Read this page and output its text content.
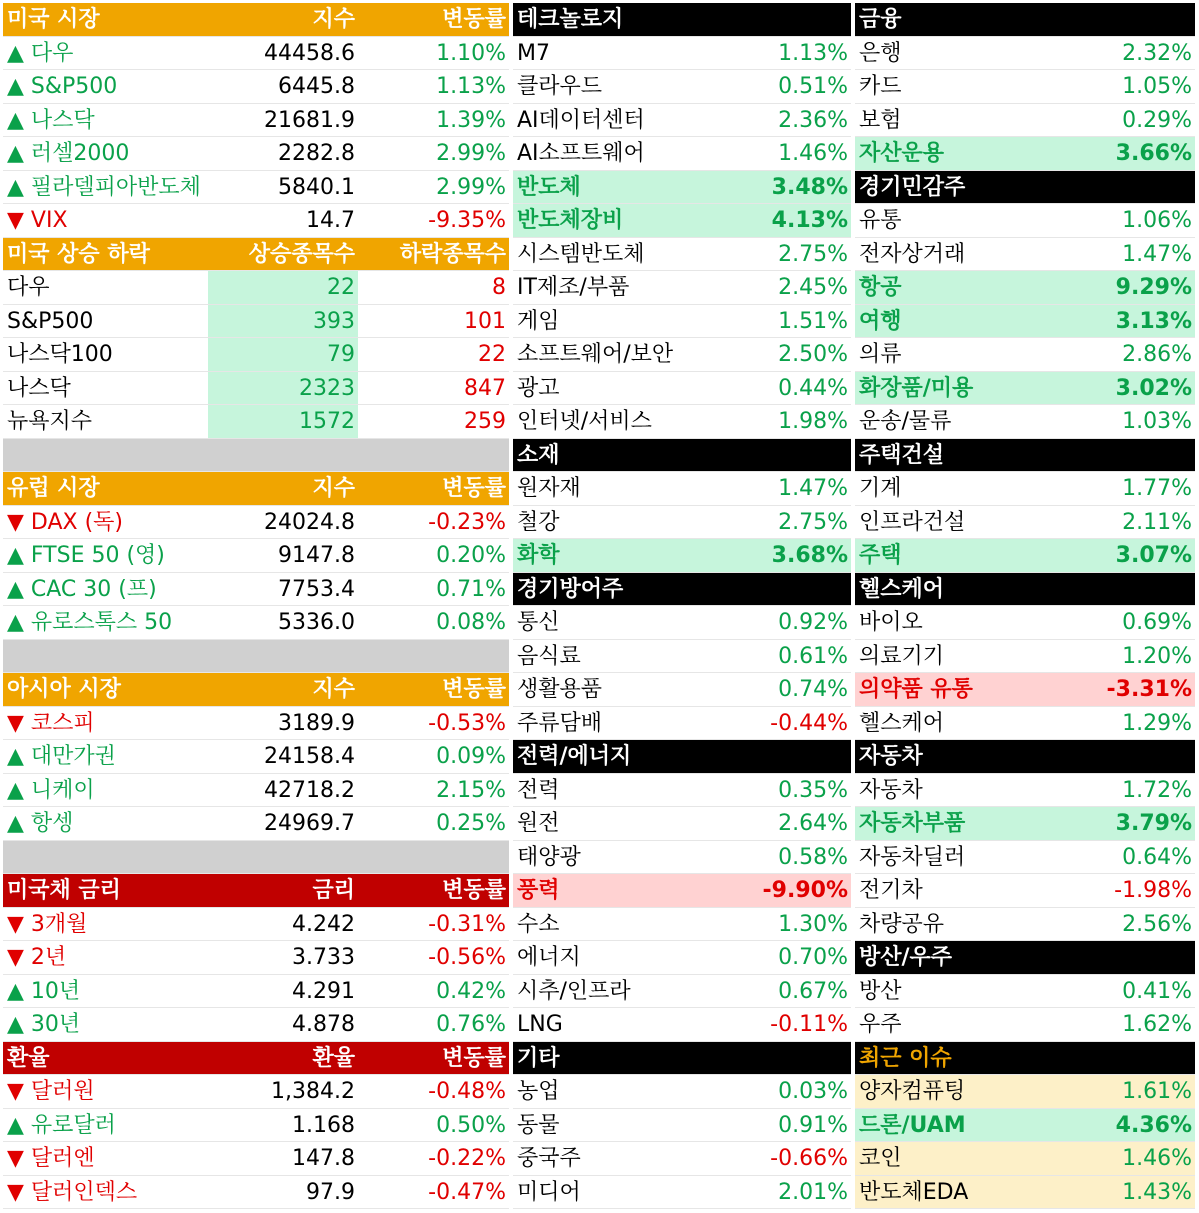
미국 시장	지수	변동률
▲ 다우	44458.6	1.10%
▲ S&P500	6445.8	1.13%
▲ 나스닥	21681.9	1.39%
▲ 러셀2000	2282.8	2.99%
▲ 필라델피아반도체	5840.1	2.99%
▼ VIX	14.7	-9.35%
미국 상승 하락	상승종목수	하락종목수
다우	22	8
S&P500	393	101
나스닥100	79	22
나스닥	2323	847
뉴욕지수	1572	259
유럽 시장	지수	변동률
▼ DAX (독)	24024.8	-0.23%
▲ FTSE 50 (영)	9147.8	0.20%
▲ CAC 30 (프)	7753.4	0.71%
▲ 유로스톡스 50	5336.0	0.08%
아시아 시장	지수	변동률
▼ 코스피	3189.9	-0.53%
▲ 대만가권	24158.4	0.09%
▲ 니케이	42718.2	2.15%
▲ 항셍	24969.7	0.25%
미국채 금리	금리	변동률
▼ 3개월	4.242	-0.31%
▼ 2년	3.733	-0.56%
▲ 10년	4.291	0.42%
▲ 30년	4.878	0.76%
환율	환율	변동률
▼ 달러원	1,384.2	-0.48%
▲ 유로달러	1.168	0.50%
▼ 달러엔	147.8	-0.22%
▼ 달러인덱스	97.9	-0.47%
테크놀로지
M7	1.13%
클라우드	0.51%
AI데이터센터	2.36%
AI소프트웨어	1.46%
반도체	3.48%
반도체장비	4.13%
시스템반도체	2.75%
IT제조/부품	2.45%
게임	1.51%
소프트웨어/보안	2.50%
광고	0.44%
인터넷/서비스	1.98%
소재
원자재	1.47%
철강	2.75%
화학	3.68%
경기방어주
통신	0.92%
음식료	0.61%
생활용품	0.74%
주류담배	-0.44%
전력/에너지
전력	0.35%
원전	2.64%
태양광	0.58%
풍력	-9.90%
수소	1.30%
에너지	0.70%
시추/인프라	0.67%
LNG	-0.11%
기타
농업	0.03%
동물	0.91%
중국주	-0.66%
미디어	2.01%
금융
은행	2.32%
카드	1.05%
보험	0.29%
자산운용	3.66%
경기민감주
유통	1.06%
전자상거래	1.47%
항공	9.29%
여행	3.13%
의류	2.86%
화장품/미용	3.02%
운송/물류	1.03%
주택건설
기계	1.77%
인프라건설	2.11%
주택	3.07%
헬스케어
바이오	0.69%
의료기기	1.20%
의약품 유통	-3.31%
헬스케어	1.29%
자동차
자동차	1.72%
자동차부품	3.79%
자동차딜러	0.64%
전기차	-1.98%
차량공유	2.56%
방산/우주
방산	0.41%
우주	1.62%
최근 이슈
양자컴퓨팅	1.61%
드론/UAM	4.36%
코인	1.46%
반도체EDA	1.43%
